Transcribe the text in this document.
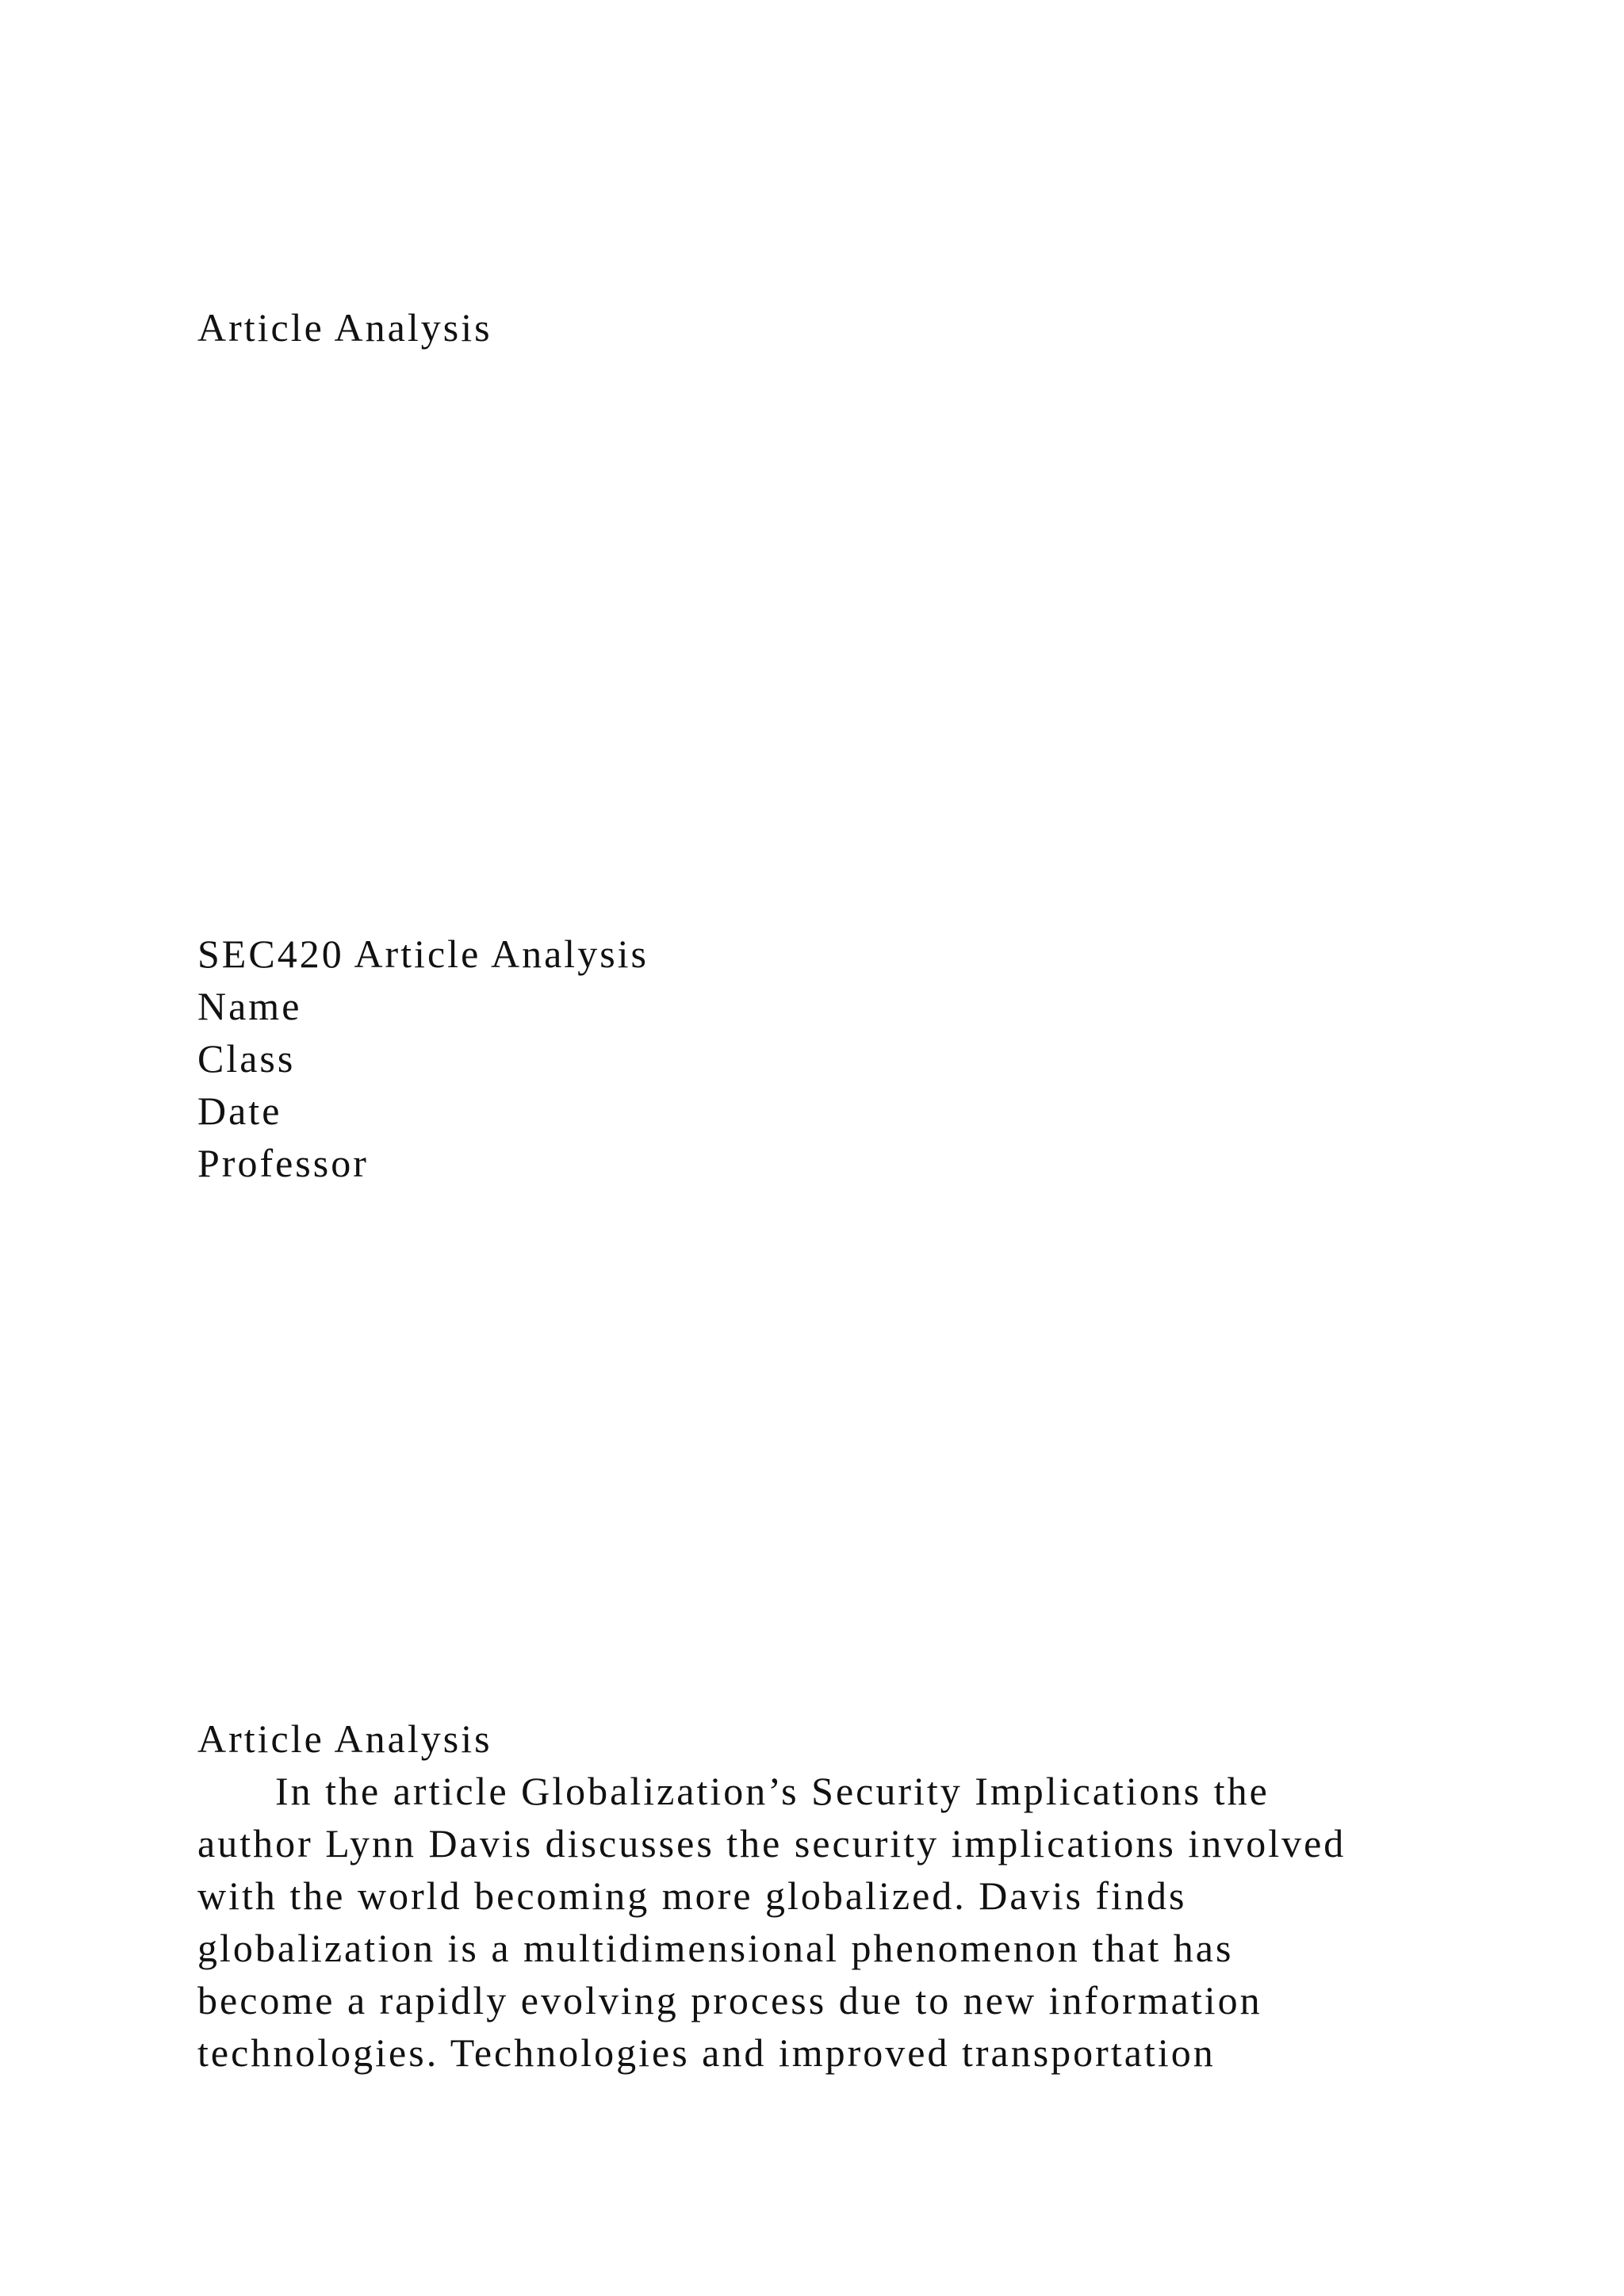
Article Analysis
SEC420 Article Analysis
Name
Class
Date
Professor
Article Analysis
In the article Globalization’s Security Implications the
author Lynn Davis discusses the security implications involved
with the world becoming more globalized. Davis finds
globalization is a multidimensional phenomenon that has
become a rapidly evolving process due to new information
technologies. Technologies and improved transportation
